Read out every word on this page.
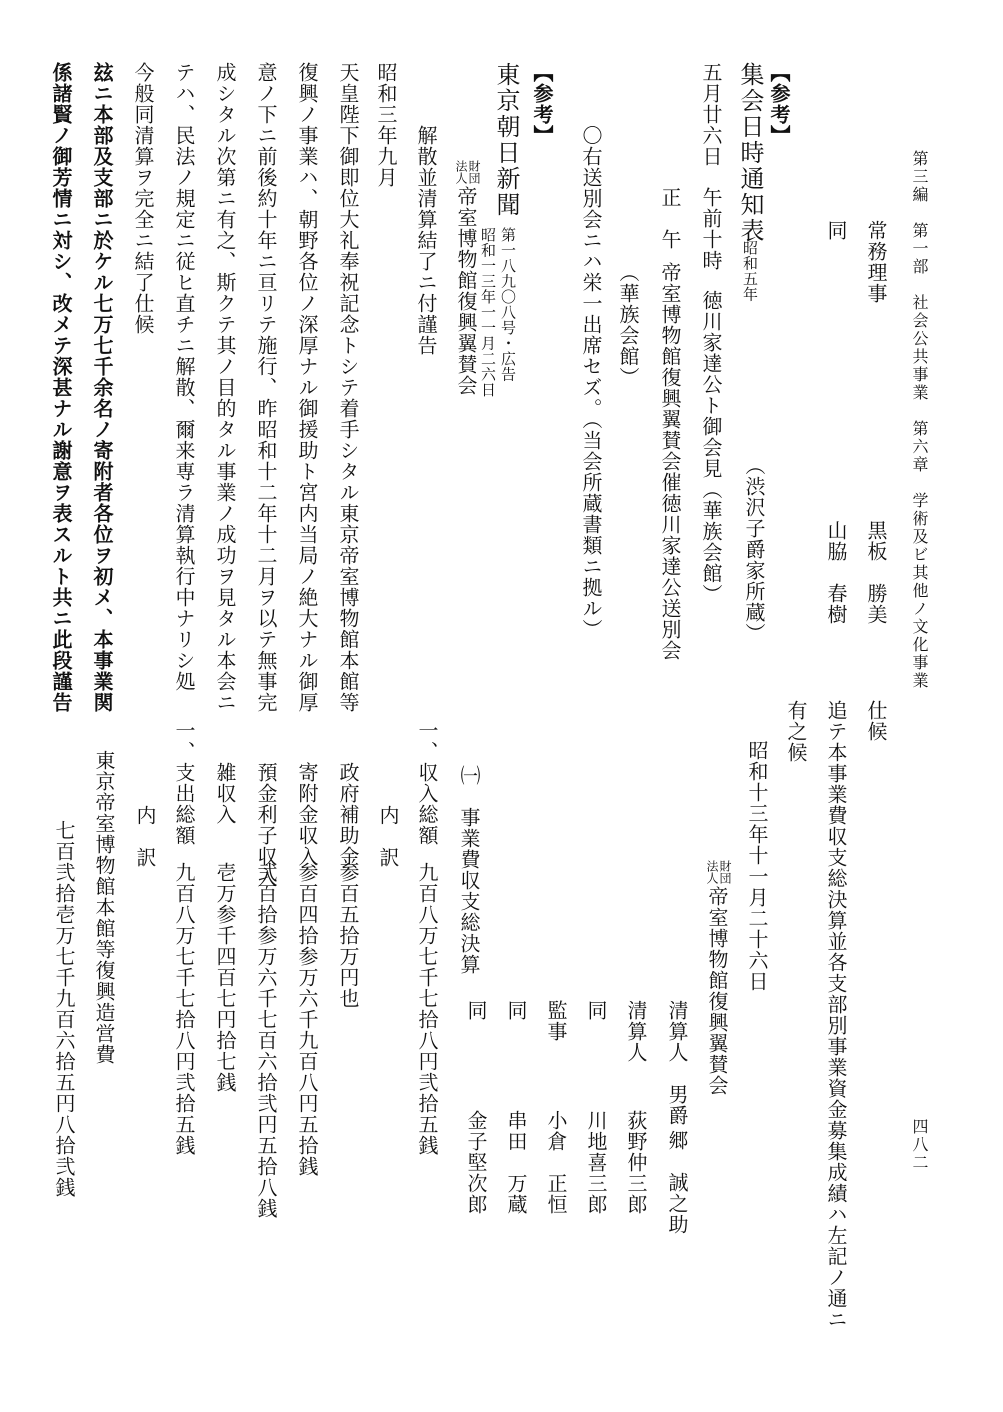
第三編　第一部　社会公共事業　第六章　学術及ビ其他ノ文化事業
四八二
常務理事
黒板　勝美
同
山脇　春樹
（渋沢子爵家所蔵）
【参考】
集会日時通知表
昭和五年
五月廿六日
午前十時
徳川家達公ト御会見（華族会館）
正　午
帝室博物館復興翼賛会催徳川家達公送別会
（華族会館）
〇右送別会ニハ栄一出席セズ。（当会所蔵書類ニ拠ル）
【参考】
東京朝日新聞
第一八九〇八号・広告
昭和一三年一一月二六日
財団
法人
帝室博物館復興翼賛会
解散並清算結了ニ付謹告
昭和三年九月
天皇陛下御即位大礼奉祝記念トシテ着手シタル東京帝室博物館本館等
復興ノ事業ハ、朝野各位ノ深厚ナル御援助ト宮内当局ノ絶大ナル御厚
意ノ下ニ前後約十年ニ亘リテ施行、昨昭和十二年十二月ヲ以テ無事完
成シタル次第ニ有之、斯クテ其ノ目的タル事業ノ成功ヲ見タル本会ニ
テハ、民法ノ規定ニ従ヒ直チニ解散、爾来専ラ清算執行中ナリシ処
今般同清算ヲ完全ニ結了仕候
玆ニ本部及支部ニ於ケル七万七千余名ノ寄附者各位ヲ初メ、本事業関
係諸賢ノ御芳情ニ対シ、改メテ深甚ナル謝意ヲ表スルト共ニ此段謹告
仕候
追テ本事業費収支総決算並各支部別事業資金募集成績ハ左記ノ通ニ
有之候
昭和十三年十一月二十六日
財団
法人
帝室博物館復興翼賛会
清算人　男爵
郷　誠之助
清算人
荻野仲三郎
同
川地喜三郎
監事
小倉　正恒
同
串田　万蔵
同
金子堅次郎
㈠　事業費収支総決算
一、収入総額
九百八万七千七拾八円弐拾五銭
内　訳
政府補助金
参百五拾万円也
寄附金収入
参百四拾参万六千九百八円五拾銭
預金利子収入
弐百拾参万六千七百六拾弐円五拾八銭
雑収入
壱万参千四百七円拾七銭
一、支出総額
九百八万七千七拾八円弐拾五銭
内　訳
東京帝室博物館本館等復興造営費
七百弐拾壱万七千九百六拾五円八拾弐銭
